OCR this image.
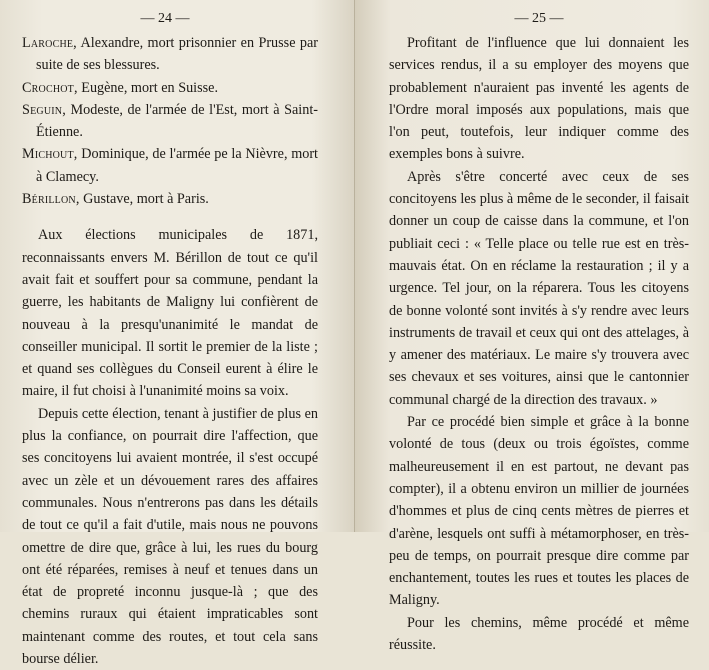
— 24 —
Laroche, Alexandre, mort prisonnier en Prusse par suite de ses blessures.
Crochot, Eugène, mort en Suisse.
Seguin, Modeste, de l'armée de l'Est, mort à Saint-Étienne.
Michout, Dominique, de l'armée pe la Nièvre, mort à Clamecy.
Bérillon, Gustave, mort à Paris.

Aux élections municipales de 1871, reconnaissants envers M. Bérillon de tout ce qu'il avait fait et souffert pour sa commune, pendant la guerre, les habitants de Maligny lui confièrent de nouveau à la presqu'unanimité le mandat de conseiller municipal. Il sortit le premier de la liste ; et quand ses collègues du Conseil eurent à élire le maire, il fut choisi à l'unanimité moins sa voix.

Depuis cette élection, tenant à justifier de plus en plus la confiance, on pourrait dire l'affection, que ses concitoyens lui avaient montrée, il s'est occupé avec un zèle et un dévouement rares des affaires communales. Nous n'entrerons pas dans les détails de tout ce qu'il a fait d'utile, mais nous ne pouvons omettre de dire que, grâce à lui, les rues du bourg ont été réparées, remises à neuf et tenues dans un état de propreté inconnu jusque-là ; que des chemins ruraux qui étaient impraticables sont maintenant comme des routes, et tout cela sans bourse délier.

— 25 —

Profitant de l'influence que lui donnaient les services rendus, il a su employer des moyens que probablement n'auraient pas inventé les agents de l'Ordre moral imposés aux populations, mais que l'on peut, toutefois, leur indiquer comme des exemples bons à suivre.

Après s'être concerté avec ceux de ses concitoyens les plus à même de le seconder, il faisait donner un coup de caisse dans la commune, et l'on publiait ceci : « Telle place ou telle rue est en très-mauvais état. On en réclame la restauration ; il y a urgence. Tel jour, on la réparera. Tous les citoyens de bonne volonté sont invités à s'y rendre avec leurs instruments de travail et ceux qui ont des attelages, à y amener des matériaux. Le maire s'y trouvera avec ses chevaux et ses voitures, ainsi que le cantonnier communal chargé de la direction des travaux. »

Par ce procédé bien simple et grâce à la bonne volonté de tous (deux ou trois égoïstes, comme malheureusement il en est partout, ne devant pas compter), il a obtenu environ un millier de journées d'hommes et plus de cinq cents mètres de pierres et d'arène, lesquels ont suffi à métamorphoser, en très-peu de temps, on pourrait presque dire comme par enchantement, toutes les rues et toutes les places de Maligny.

Pour les chemins, même procédé et même réussite.
